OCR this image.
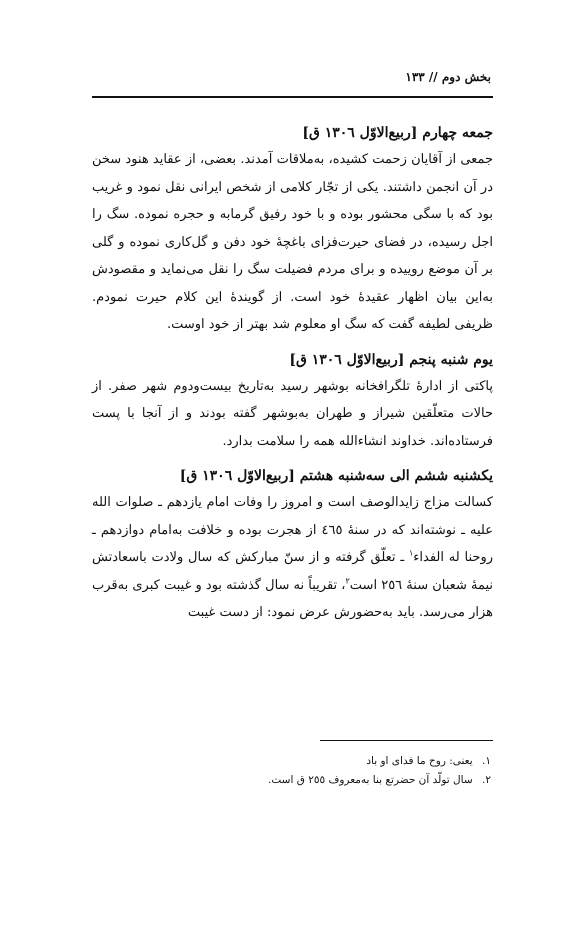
بخش دوم // ۱۳۳

جمعه چهارم [ربیع‌الاوّل ۱۳۰٦ ق]

جمعی از آقایان زحمت کشیده، به‌ملاقات آمدند. بعضی، از عقاید هنود سخن در آن انجمن داشتند. یکی از تجّار کلامی از شخص ایرانی نقل نمود و غریب بود که با سگی محشور بوده و با خود رفیق گرمابه و حجره نموده. سگ را اجل رسیده، در فضای حیرت‌فزای باغچهٔ خود دفن و گل‌کاری نموده و گلی بر آن موضع روییده و برای مردم فضیلت سگ را نقل می‌نماید و مقصودش به‌این بیان اظهار عقیدهٔ خود است. از گویندهٔ این کلام حیرت نمودم. ظریفی لطیفه گفت که سگ او معلوم شد بهتر از خود اوست.

یوم شنبه پنجم [ربیع‌الاوّل ۱۳۰٦ ق]

پاکتی از ادارهٔ تلگرافخانه بوشهر رسید به‌تاریخ بیست‌ودوم شهر صفر. از حالات متعلّقین شیراز و طهران به‌بوشهر گفته بودند و از آنجا با پست فرستاده‌اند. خداوند انشاءالله همه را سلامت بدارد.

یکشنبه ششم الی سه‌شنبه هشتم [ربیع‌الاوّل ۱۳۰٦ ق]

کسالت مزاج زایدالوصف است و امروز را وفات امام یازدهم ـ صلوات الله علیه ـ نوشته‌اند که در سنهٔ ٤٦٥ از هجرت بوده و خلافت به‌امام دوازدهم ـ روحنا له الفداء$^۱$ ـ تعلّق گرفته و از سنّ مبارکش که سال ولادت باسعادتش نیمهٔ شعبان سنهٔ ۲٥٦ است$^۲$، تقریباً نه سال گذشته بود و غیبت کبری به‌قرب هزار می‌رسد. باید به‌حضورش عرض نمود: از دست غیبت

۱. یعنی: روح ما فدای او باد

۲. سال تولّد آن حضرتع بنا به‌معروف ۲٥٥ ق است.
